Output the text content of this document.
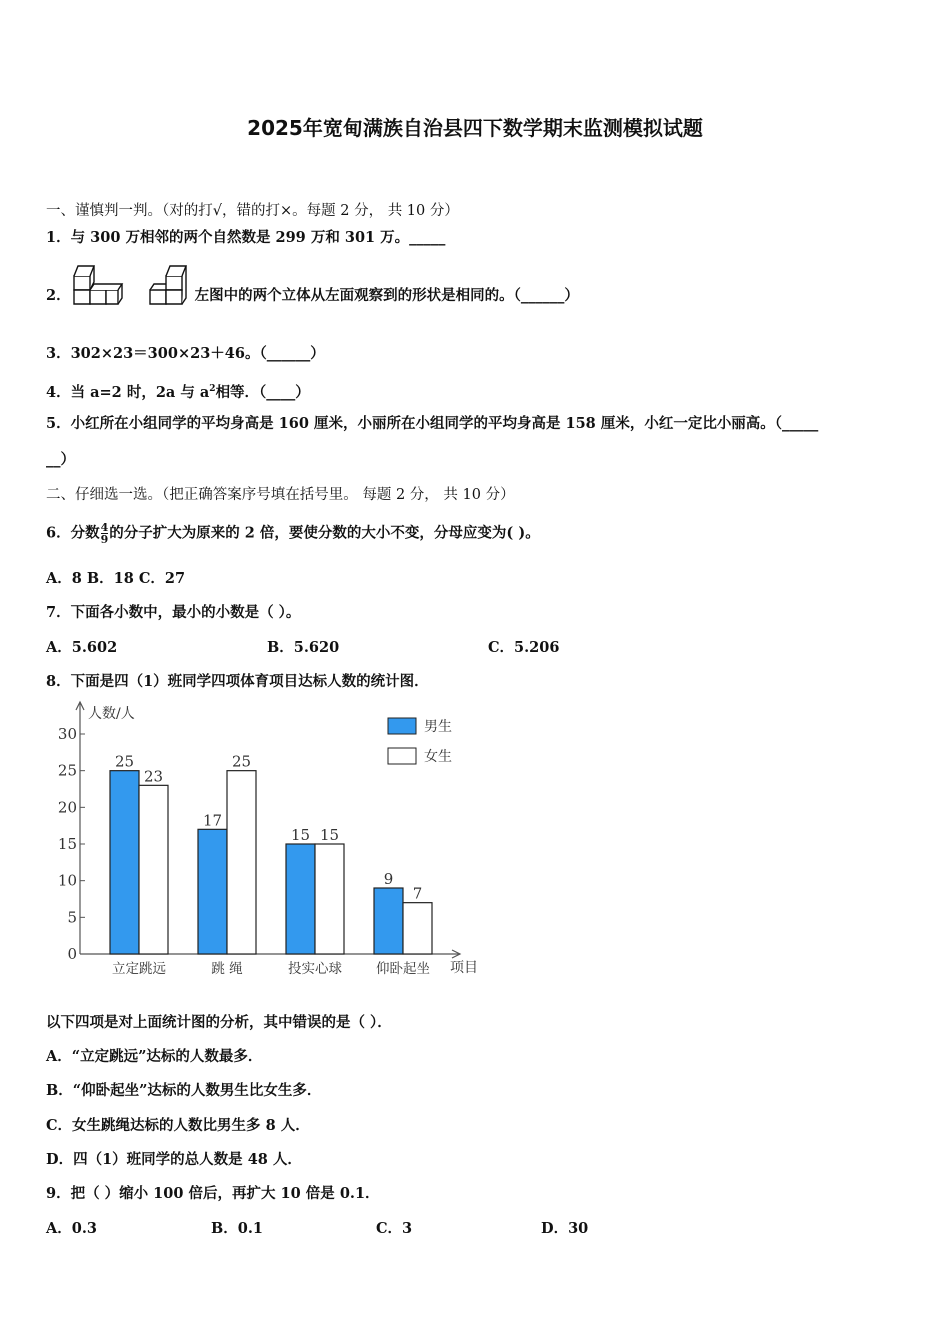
2025年宽甸满族自治县四下数学期末监测模拟试题
一、谨慎判一判。（对的打√，错的打×。每题 2 分， 共 10 分）
1．与 300 万相邻的两个自然数是 299 万和 301 万。_____
2．	左图中的两个立体从左面观察到的形状是相同的。（______）
3．302×23＝300×23＋46。（______）
4．当 a=2 时，2a 与 $a^2$相等．（____）
5．小红所在小组同学的平均身高是 160 厘米，小丽所在小组同学的平均身高是 158 厘米，小红一定比小丽高。（_____
__）
二、仔细选一选。（把正确答案序号填在括号里。 每题 2 分， 共 10 分）
6．分数 $\frac{4}{9}$ 的分子扩大为原来的 2 倍，要使分数的大小不变，分母应变为( )。
A．8 B．18 C．27
7．下面各小数中，最小的小数是（ ）。
A．5.602	B．5.620	C．5.206
8．下面是四（1）班同学四项体育项目达标人数的统计图．
人数/人
项目
0
5
10
15
20
25
30
25
23
17
25
15 15
9
7
立定跳远	跳 绳	投实心球	仰卧起坐
男生
女生
以下四项是对上面统计图的分析，其中错误的是（ ）．
A．“立定跳远”达标的人数最多．
B．“仰卧起坐”达标的人数男生比女生多．
C．女生跳绳达标的人数比男生多 8 人．
D．四（1）班同学的总人数是 48 人．
9．把（ ）缩小 100 倍后，再扩大 10 倍是 0.1．
A．0.3	B．0.1	C．3	D．30
